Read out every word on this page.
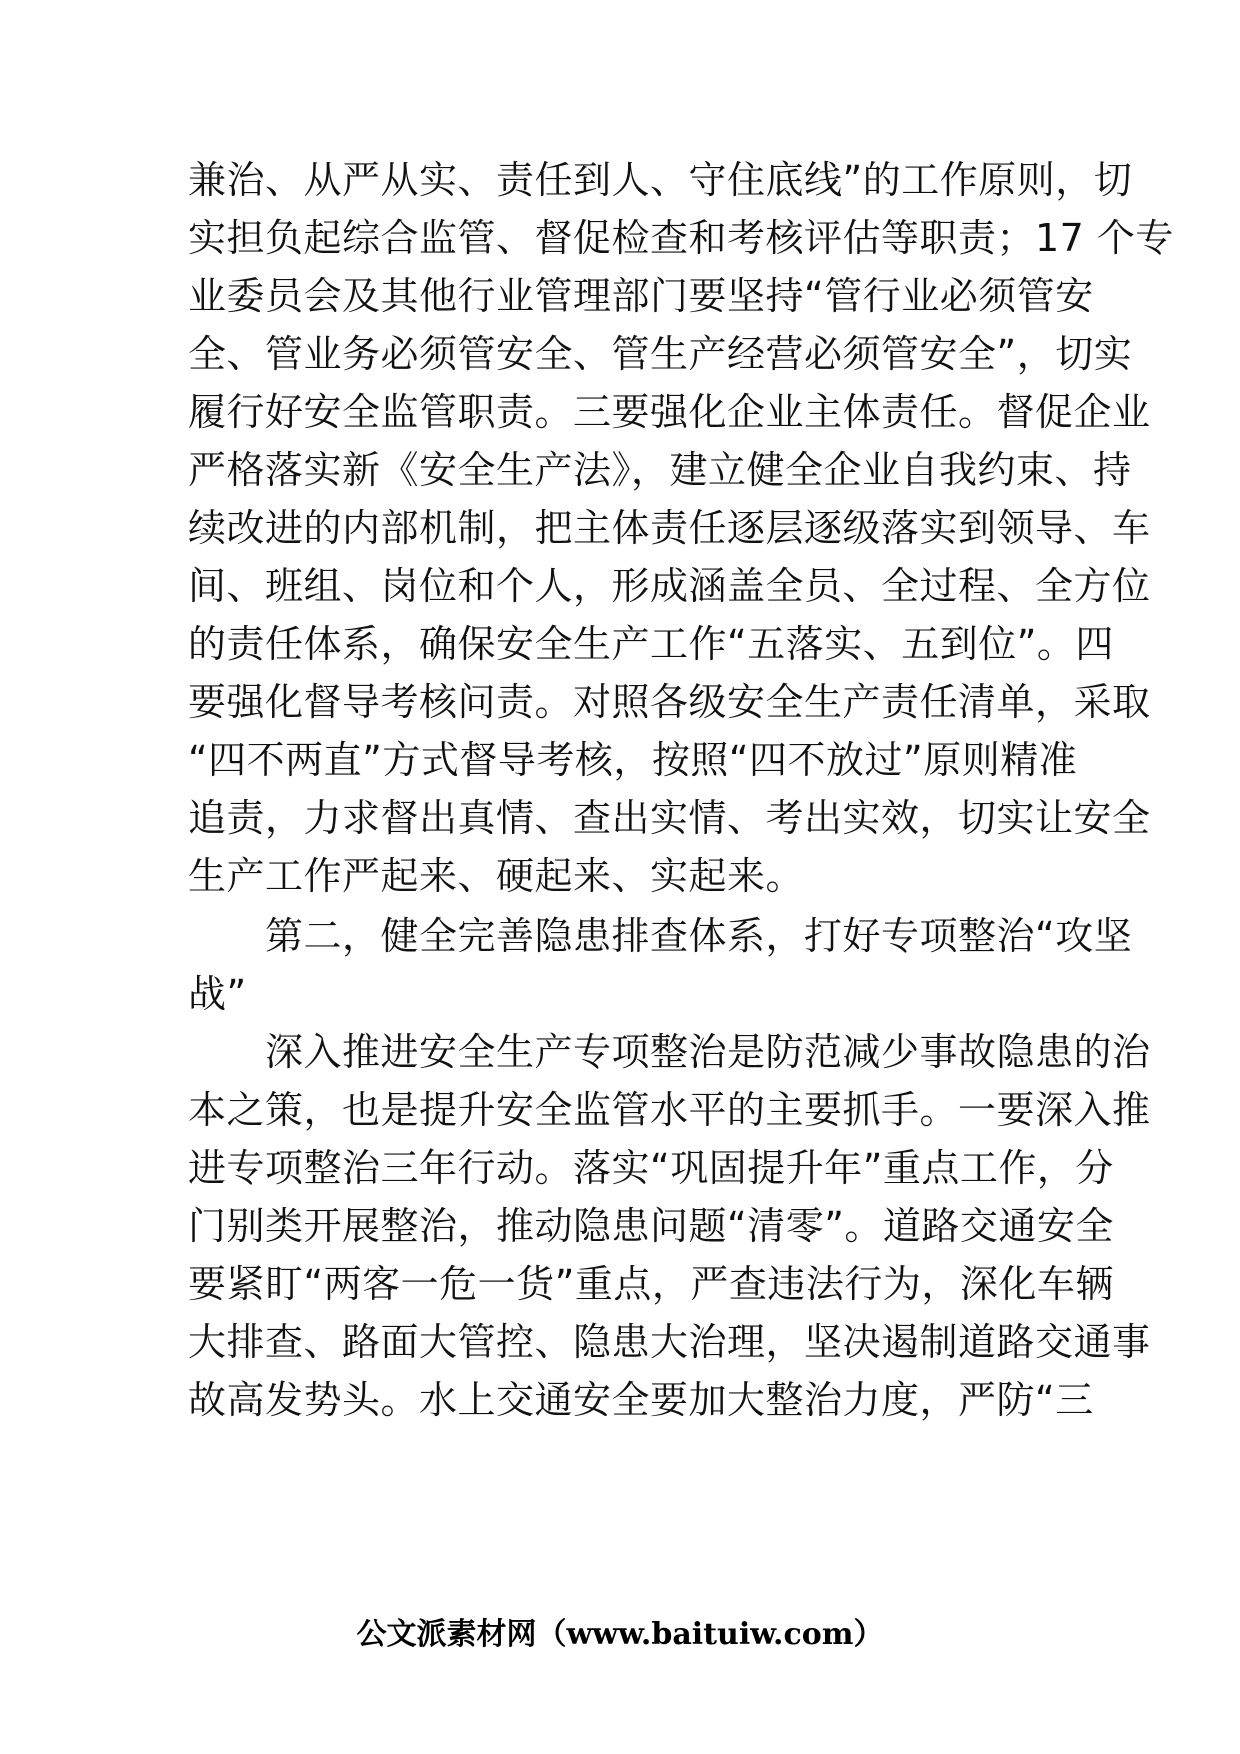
兼治、从严从实、责任到人、守住底线”的工作原则，切
实担负起综合监管、督促检查和考核评估等职责；17 个专
业委员会及其他行业管理部门要坚持“管行业必须管安
全、管业务必须管安全、管生产经营必须管安全”，切实
履行好安全监管职责。三要强化企业主体责任。督促企业
严格落实新《安全生产法》，建立健全企业自我约束、持
续改进的内部机制，把主体责任逐层逐级落实到领导、车
间、班组、岗位和个人，形成涵盖全员、全过程、全方位
的责任体系，确保安全生产工作“五落实、五到位”。四
要强化督导考核问责。对照各级安全生产责任清单，采取
“四不两直”方式督导考核，按照“四不放过”原则精准
追责，力求督出真情、查出实情、考出实效，切实让安全
生产工作严起来、硬起来、实起来。
　　第二，健全完善隐患排查体系，打好专项整治“攻坚
战”
　　深入推进安全生产专项整治是防范减少事故隐患的治
本之策，也是提升安全监管水平的主要抓手。一要深入推
进专项整治三年行动。落实“巩固提升年”重点工作，分
门别类开展整治，推动隐患问题“清零”。道路交通安全
要紧盯“两客一危一货”重点，严查违法行为，深化车辆
大排查、路面大管控、隐患大治理，坚决遏制道路交通事
故高发势头。水上交通安全要加大整治力度，严防“三
公文派素材网（www.baituiw.com）
